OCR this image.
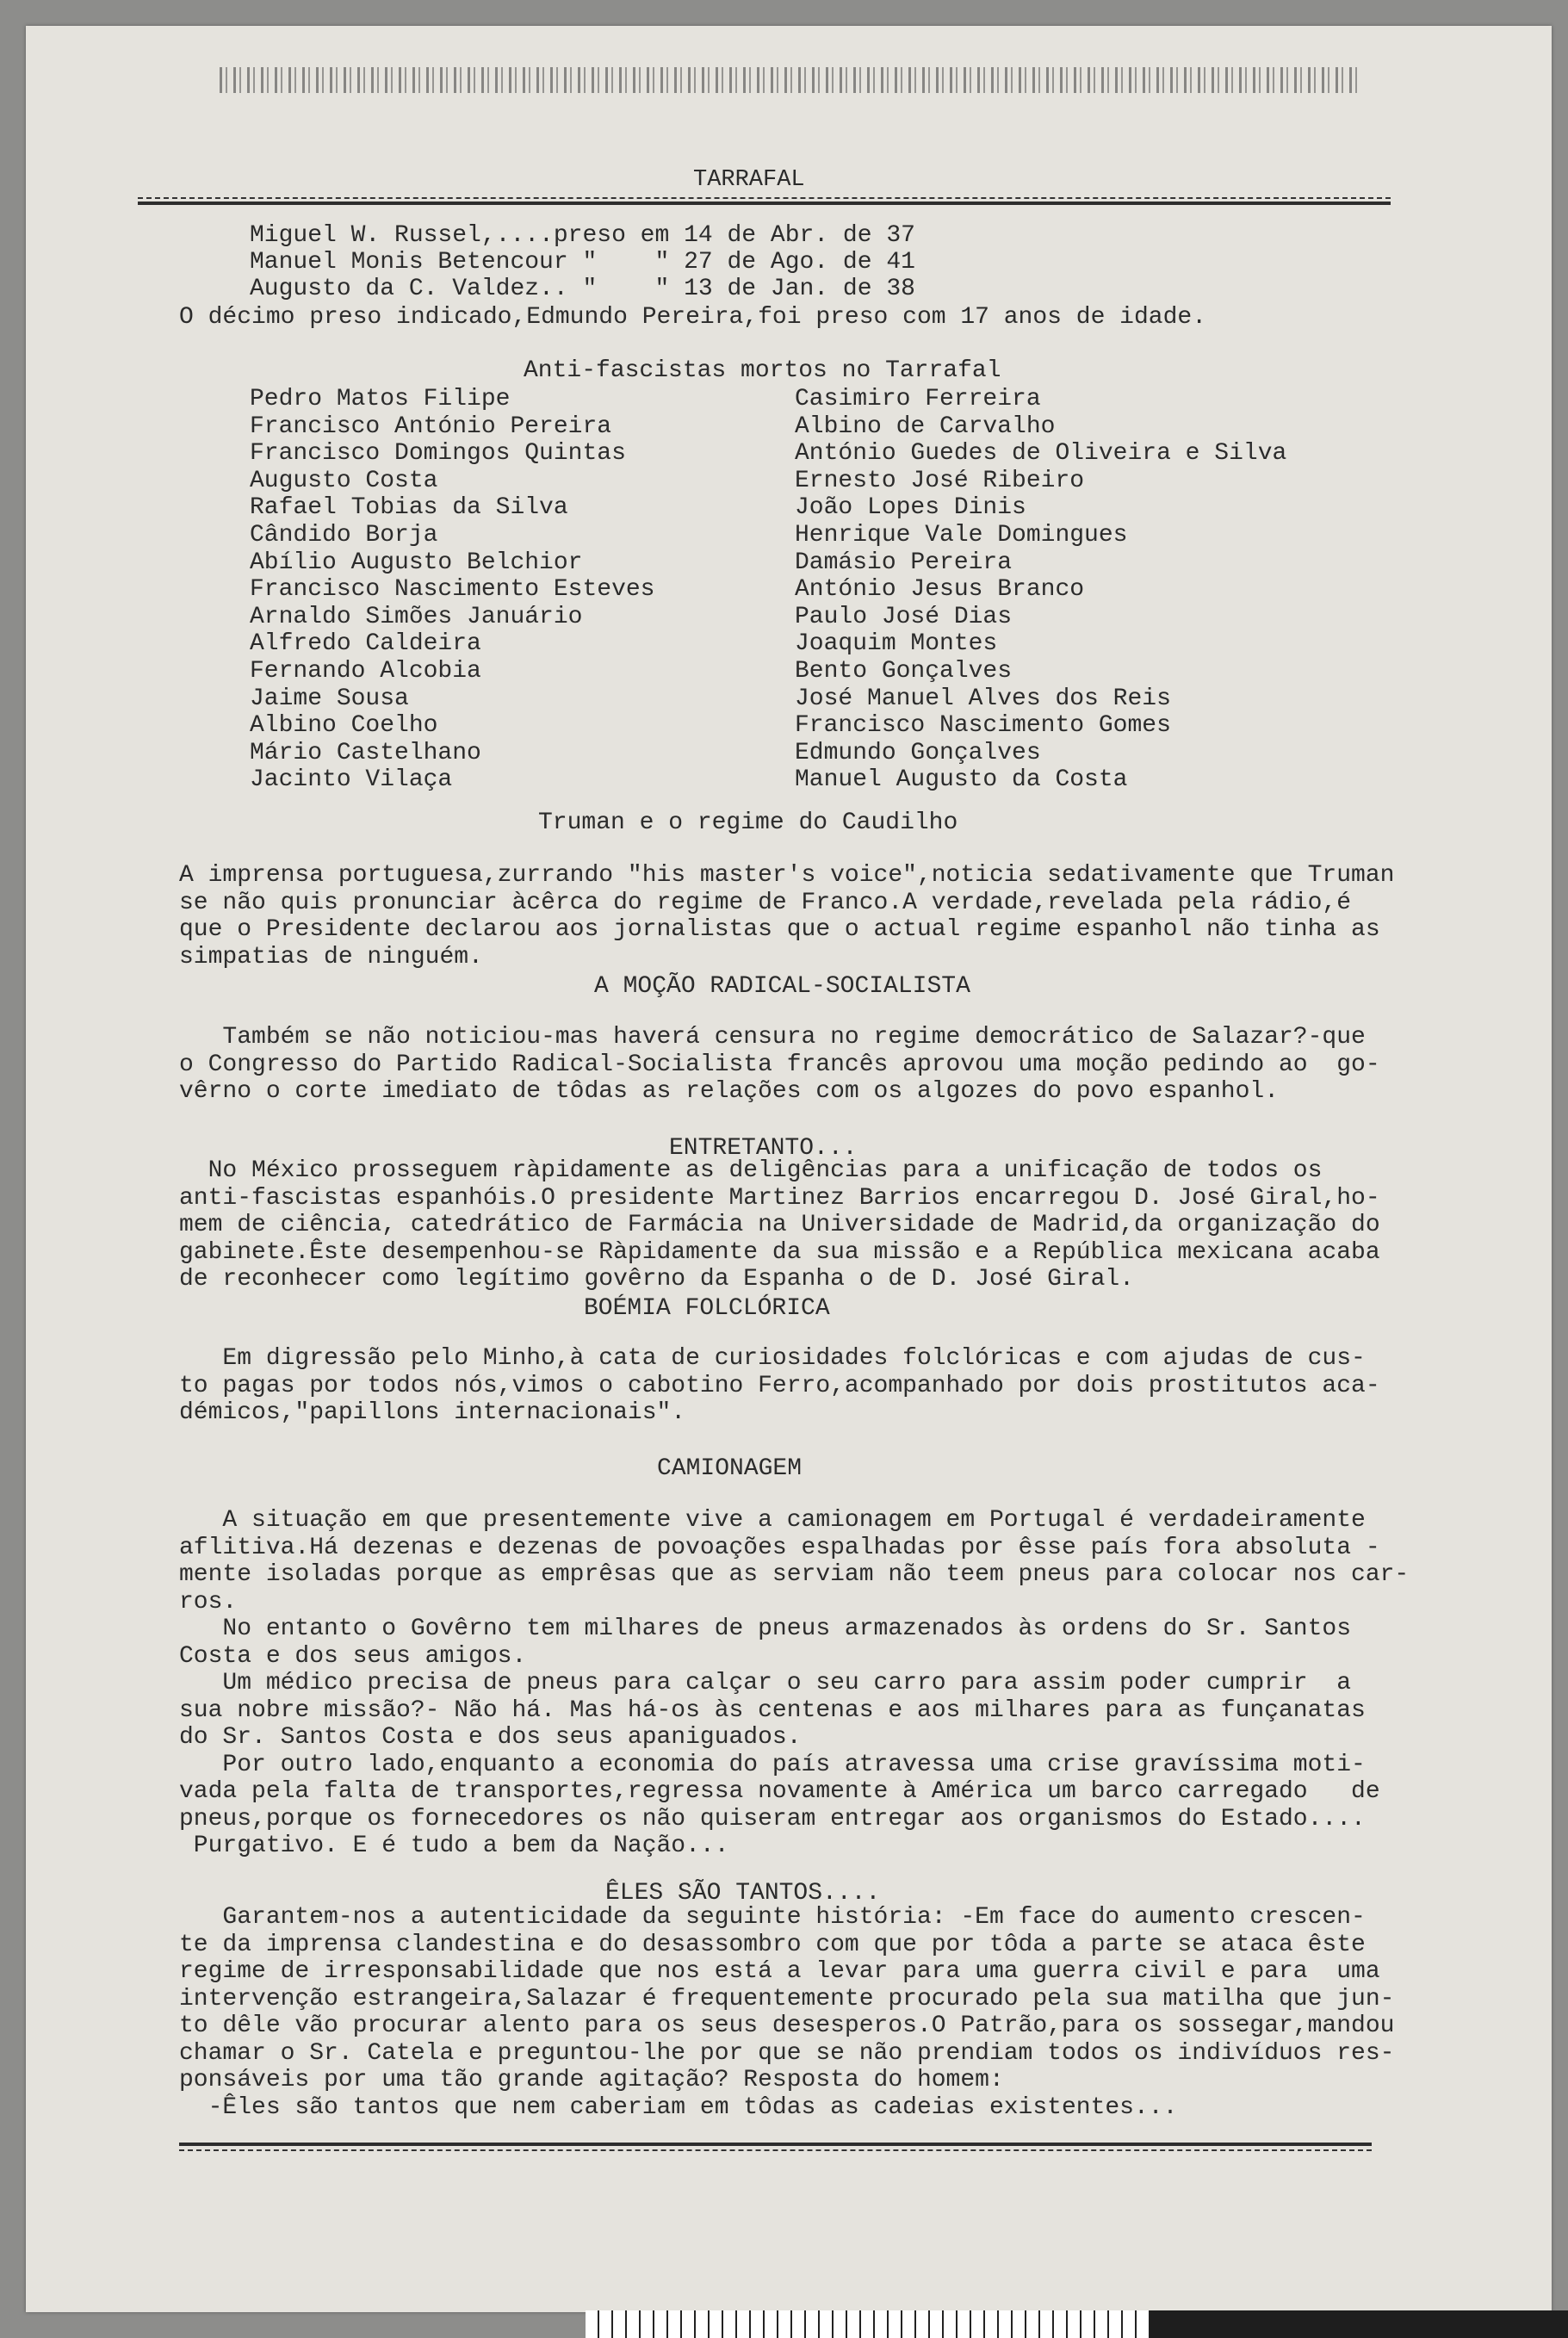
TARRAFAL
Miguel W. Russel,....preso em 14 de Abr. de 37
Manuel Monis Betencour "    " 27 de Ago. de 41
Augusto da C. Valdez.. "    " 13 de Jan. de 38
O décimo preso indicado,Edmundo Pereira,foi preso com 17 anos de idade.
Anti-fascistas mortos no Tarrafal
Pedro Matos Filipe
Francisco António Pereira
Francisco Domingos Quintas
Augusto Costa
Rafael Tobias da Silva
Cândido Borja
Abílio Augusto Belchior
Francisco Nascimento Esteves
Arnaldo Simões Januário
Alfredo Caldeira
Fernando Alcobia
Jaime Sousa
Albino Coelho
Mário Castelhano
Jacinto Vilaça
Casimiro Ferreira
Albino de Carvalho
António Guedes de Oliveira e Silva
Ernesto José Ribeiro
João Lopes Dinis
Henrique Vale Domingues
Damásio Pereira
António Jesus Branco
Paulo José Dias
Joaquim Montes
Bento Gonçalves
José Manuel Alves dos Reis
Francisco Nascimento Gomes
Edmundo Gonçalves
Manuel Augusto da Costa
Truman e o regime do Caudilho
A imprensa portuguesa,zurrando "his master's voice",noticia sedativamente que Truman
se não quis pronunciar àcêrca do regime de Franco.A verdade,revelada pela rádio,é
que o Presidente declarou aos jornalistas que o actual regime espanhol não tinha as
simpatias de ninguém.
A MOÇÃO RADICAL-SOCIALISTA
Também se não noticiou-mas haverá censura no regime democrático de Salazar?-que
o Congresso do Partido Radical-Socialista francês aprovou uma moção pedindo ao  go-
vêrno o corte imediato de tôdas as relações com os algozes do povo espanhol.
ENTRETANTO...
No México prosseguem ràpidamente as deligências para a unificação de todos os
anti-fascistas espanhóis.O presidente Martinez Barrios encarregou D. José Giral,ho-
mem de ciência, catedrático de Farmácia na Universidade de Madrid,da organização do
gabinete.Êste desempenhou-se Ràpidamente da sua missão e a República mexicana acaba
de reconhecer como legítimo govêrno da Espanha o de D. José Giral.
BOÉMIA FOLCLÓRICA
Em digressão pelo Minho,à cata de curiosidades folclóricas e com ajudas de cus-
to pagas por todos nós,vimos o cabotino Ferro,acompanhado por dois prostitutos aca-
démicos,"papillons internacionais".
CAMIONAGEM
A situação em que presentemente vive a camionagem em Portugal é verdadeiramente
aflitiva.Há dezenas e dezenas de povoações espalhadas por êsse país fora absoluta -
mente isoladas porque as emprêsas que as serviam não teem pneus para colocar nos car-
ros.
No entanto o Govêrno tem milhares de pneus armazenados às ordens do Sr. Santos
Costa e dos seus amigos.
Um médico precisa de pneus para calçar o seu carro para assim poder cumprir  a
sua nobre missão?- Não há. Mas há-os às centenas e aos milhares para as funçanatas
do Sr. Santos Costa e dos seus apaniguados.
Por outro lado,enquanto a economia do país atravessa uma crise gravíssima moti-
vada pela falta de transportes,regressa novamente à América um barco carregado   de
pneus,porque os fornecedores os não quiseram entregar aos organismos do Estado....
Purgativo. E é tudo a bem da Nação...
ÊLES SÃO TANTOS....
Garantem-nos a autenticidade da seguinte história: -Em face do aumento crescen-
te da imprensa clandestina e do desassombro com que por tôda a parte se ataca êste
regime de irresponsabilidade que nos está a levar para uma guerra civil e para  uma
intervenção estrangeira,Salazar é frequentemente procurado pela sua matilha que jun-
to dêle vão procurar alento para os seus desesperos.O Patrão,para os sossegar,mandou
chamar o Sr. Catela e preguntou-lhe por que se não prendiam todos os indivíduos res-
ponsáveis por uma tão grande agitação? Resposta do homem:
-Êles são tantos que nem caberiam em tôdas as cadeias existentes...
